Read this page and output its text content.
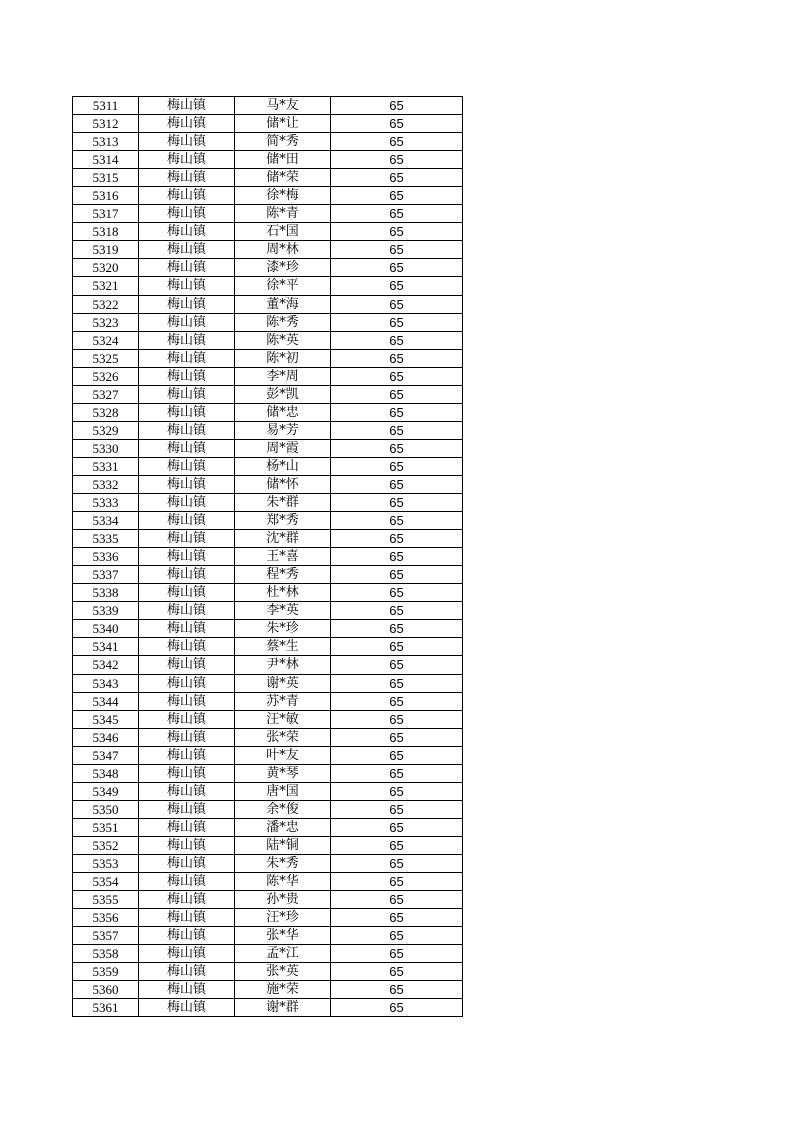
5311	梅山镇	马*友	65
5312	梅山镇	储*让	65
5313	梅山镇	简*秀	65
5314	梅山镇	储*田	65
5315	梅山镇	储*荣	65
5316	梅山镇	徐*梅	65
5317	梅山镇	陈*青	65
5318	梅山镇	石*国	65
5319	梅山镇	周*林	65
5320	梅山镇	漆*珍	65
5321	梅山镇	徐*平	65
5322	梅山镇	董*海	65
5323	梅山镇	陈*秀	65
5324	梅山镇	陈*英	65
5325	梅山镇	陈*初	65
5326	梅山镇	李*周	65
5327	梅山镇	彭*凯	65
5328	梅山镇	储*忠	65
5329	梅山镇	易*芳	65
5330	梅山镇	周*霞	65
5331	梅山镇	杨*山	65
5332	梅山镇	储*怀	65
5333	梅山镇	朱*群	65
5334	梅山镇	郑*秀	65
5335	梅山镇	沈*群	65
5336	梅山镇	王*喜	65
5337	梅山镇	程*秀	65
5338	梅山镇	杜*林	65
5339	梅山镇	李*英	65
5340	梅山镇	朱*珍	65
5341	梅山镇	蔡*生	65
5342	梅山镇	尹*林	65
5343	梅山镇	谢*英	65
5344	梅山镇	苏*青	65
5345	梅山镇	汪*敏	65
5346	梅山镇	张*荣	65
5347	梅山镇	叶*友	65
5348	梅山镇	黄*琴	65
5349	梅山镇	唐*国	65
5350	梅山镇	余*俊	65
5351	梅山镇	潘*忠	65
5352	梅山镇	陆*铜	65
5353	梅山镇	朱*秀	65
5354	梅山镇	陈*华	65
5355	梅山镇	孙*贵	65
5356	梅山镇	汪*珍	65
5357	梅山镇	张*华	65
5358	梅山镇	孟*江	65
5359	梅山镇	张*英	65
5360	梅山镇	施*荣	65
5361	梅山镇	谢*群	65
